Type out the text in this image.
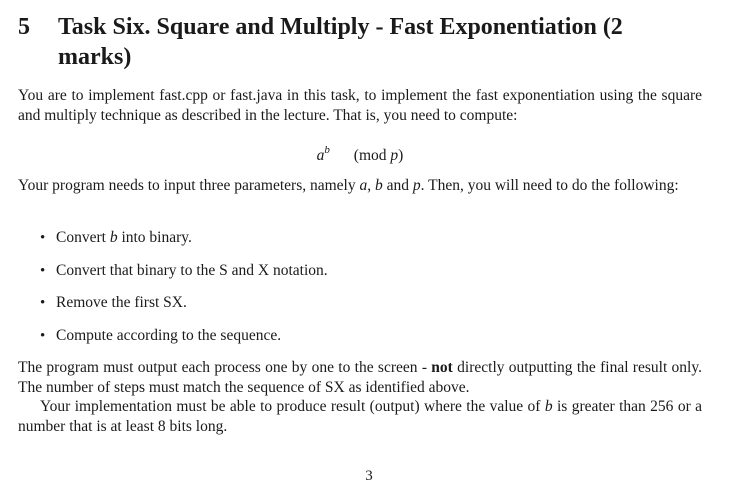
5	Task Six. Square and Multiply - Fast Exponentiation (2 marks)
You are to implement fast.cpp or fast.java in this task, to implement the fast exponentiation using the square and multiply technique as described in the lecture. That is, you need to compute:
$a^b$ (mod p)
Your program needs to input three parameters, namely a, b and p. Then, you will need to do the following:
• Convert b into binary.
• Convert that binary to the S and X notation.
• Remove the first SX.
• Compute according to the sequence.
The program must output each process one by one to the screen - not directly outputting the final result only. The number of steps must match the sequence of SX as identified above.
Your implementation must be able to produce result (output) where the value of b is greater than 256 or a number that is at least 8 bits long.
3
